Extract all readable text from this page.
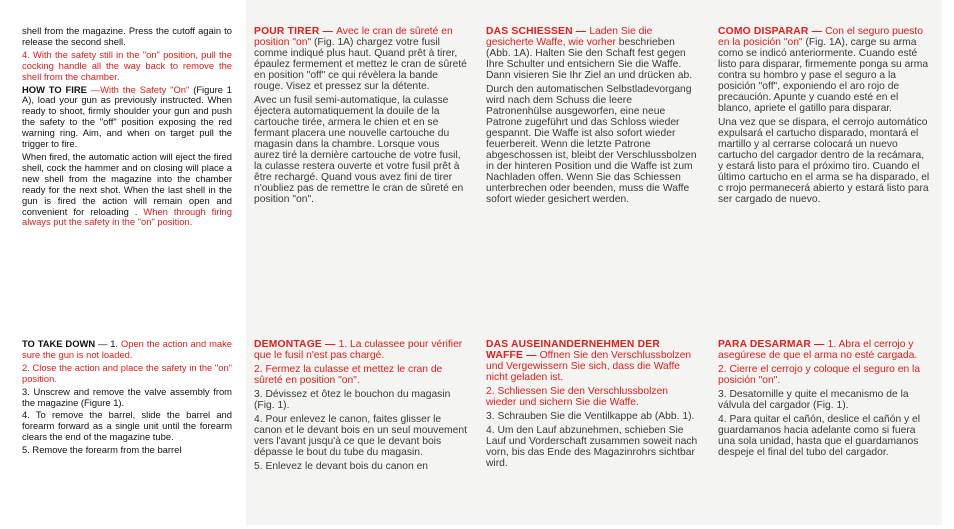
shell from the magazine. Press the cutoff again to release the second shell.

4. With the safety still in the "on" position, pull the cocking handle all the way back to remove the shell from the chamber.

HOW TO FIRE —With the Safety "On" (Figure 1 A), load your gun as previously instructed. When ready to shoot, firmly shoulder your gun and push the safety to the "off" position exposing the red warning ring. Aim, and when on target pull the trigger to fire.

When fired, the automatic action will eject the fired shell, cock the hammer and on closing will place a new shell from the magazine into the chamber ready for the next shot. When the last shell in the gun is fired the action will remain open and convenient for reloading . When through firing always put the safety in the "on" position.

TO TAKE DOWN — 1. Open the action and make sure the gun is not loaded.

2. Close the action and place the safety in the "on" position.

3. Unscrew and remove the valve assembly from the magazine (Figure 1).

4. To remove the barrel, slide the barrel and forearm forward as a single unit until the forearm clears the end of the magazine tube.

5. Remove the forearm from the barrel

POUR TIRER — Avec le cran de sûreté en position "on" (Fig. 1A) chargez votre fusil comme indiqué plus haut. Quand prêt à tirer, épaulez fermement et mettez le cran de sûreté en position "off" ce qui révèlera la bande rouge. Visez et pressez sur la détente.

Avec un fusil semi-automatique, la culasse éjectera automatiquement la douile de la cartouche tirée, armera le chien et en se fermant placera une nouvelle cartouche du magasin dans la chambre. Lorsque vous aurez tiré la dernière cartouche de votre fusil, la culasse restera ouverte et votre fusil prêt à être rechargé. Quand vous avez fini de tirer n'oubliez pas de remettre le cran de sûreté en position "on".

DEMONTAGE — 1. La culassee pour vérifier que le fusil n'est pas chargé.

2. Fermez la culasse et mettez le cran de sûreté en position "on".

3. Dévissez et ôtez le bouchon du magasin (Fig. 1).

4. Pour enlevez le canon, faites glisser le canon et le devant bois en un seul mouvement vers l'avant jusqu'à ce que le devant bois dépasse le bout du tube du magasin.

5. Enlevez le devant bois du canon en

DAS SCHIESSEN — Laden Sie die gesicherte Waffe, wie vorher beschrieben (Abb. 1A). Halten Sie den Schaft fest gegen Ihre Schulter und entsichern Sie die Waffe. Dann visieren Sie Ihr Ziel an und drücken ab.

Durch den automatischen Selbstladevorgang wird nach dem Schuss die leere Patronenhülse ausgeworfen, eine neue Patrone zugeführt und das Schloss wieder gespannt. Die Waffe ist also sofort wieder feuerbereit. Wenn die letzte Patrone abgeschossen ist, bleibt der Verschlussbolzen in der hinteren Position und die Waffe ist zum Nachladen offen. Wenn Sie das Schiessen unterbrechen oder beenden, muss die Waffe sofort wieder gesichert werden.

DAS AUSEINANDERNEHMEN DER WAFFE — Offnen Sie den Verschlussbolzen und Vergewissern Sie sich, dass die Waffe nicht geladen ist.

2. Schliessen Sie den Verschlussbolzen wieder und sichern Sie die Waffe.

3. Schrauben Sie die Ventilkappe ab (Abb. 1).

4. Um den Lauf abzunehmen, schieben Sie Lauf und Vorderschaft zusammen soweit nach vorn, bis das Ende des Magazinrohrs sichtbar wird.

COMO DISPARAR — Con el seguro puesto en la posición "on" (Fig. 1A), carge su arma como se indicó anteriormente. Cuando esté listo para disparar, firmemente ponga su arma contra su hombro y pase el seguro a la posición "off", exponiendo el aro rojo de precaución. Apunte y cuando esté en el blanco, apriete el gatillo para disparar.

Una vez que se dispara, el cerrojo automático expulsará el cartucho disparado, montará el martillo y al cerrarse colocará un nuevo cartucho del cargador dentro de la recámara, y estará listo para el próximo tiro. Cuando el último cartucho en el arma se ha disparado, el c rrojo permanecerá abierto y estará listo para ser cargado de nuevo.

PARA DESARMAR — 1. Abra el cerrojo y asegúrese de que el arma no esté cargada.

2. Cierre el cerrojo y coloque el seguro en la posición "on".

3. Desatornille y quite el mecanismo de la válvula del cargador (Fig. 1).

4. Para quitar el cañón, deslice el cañón y el guardamanos hacia adelante como si fuera una sola unidad, hasta que el guardamanos despeje el final del tubo del cargador.
